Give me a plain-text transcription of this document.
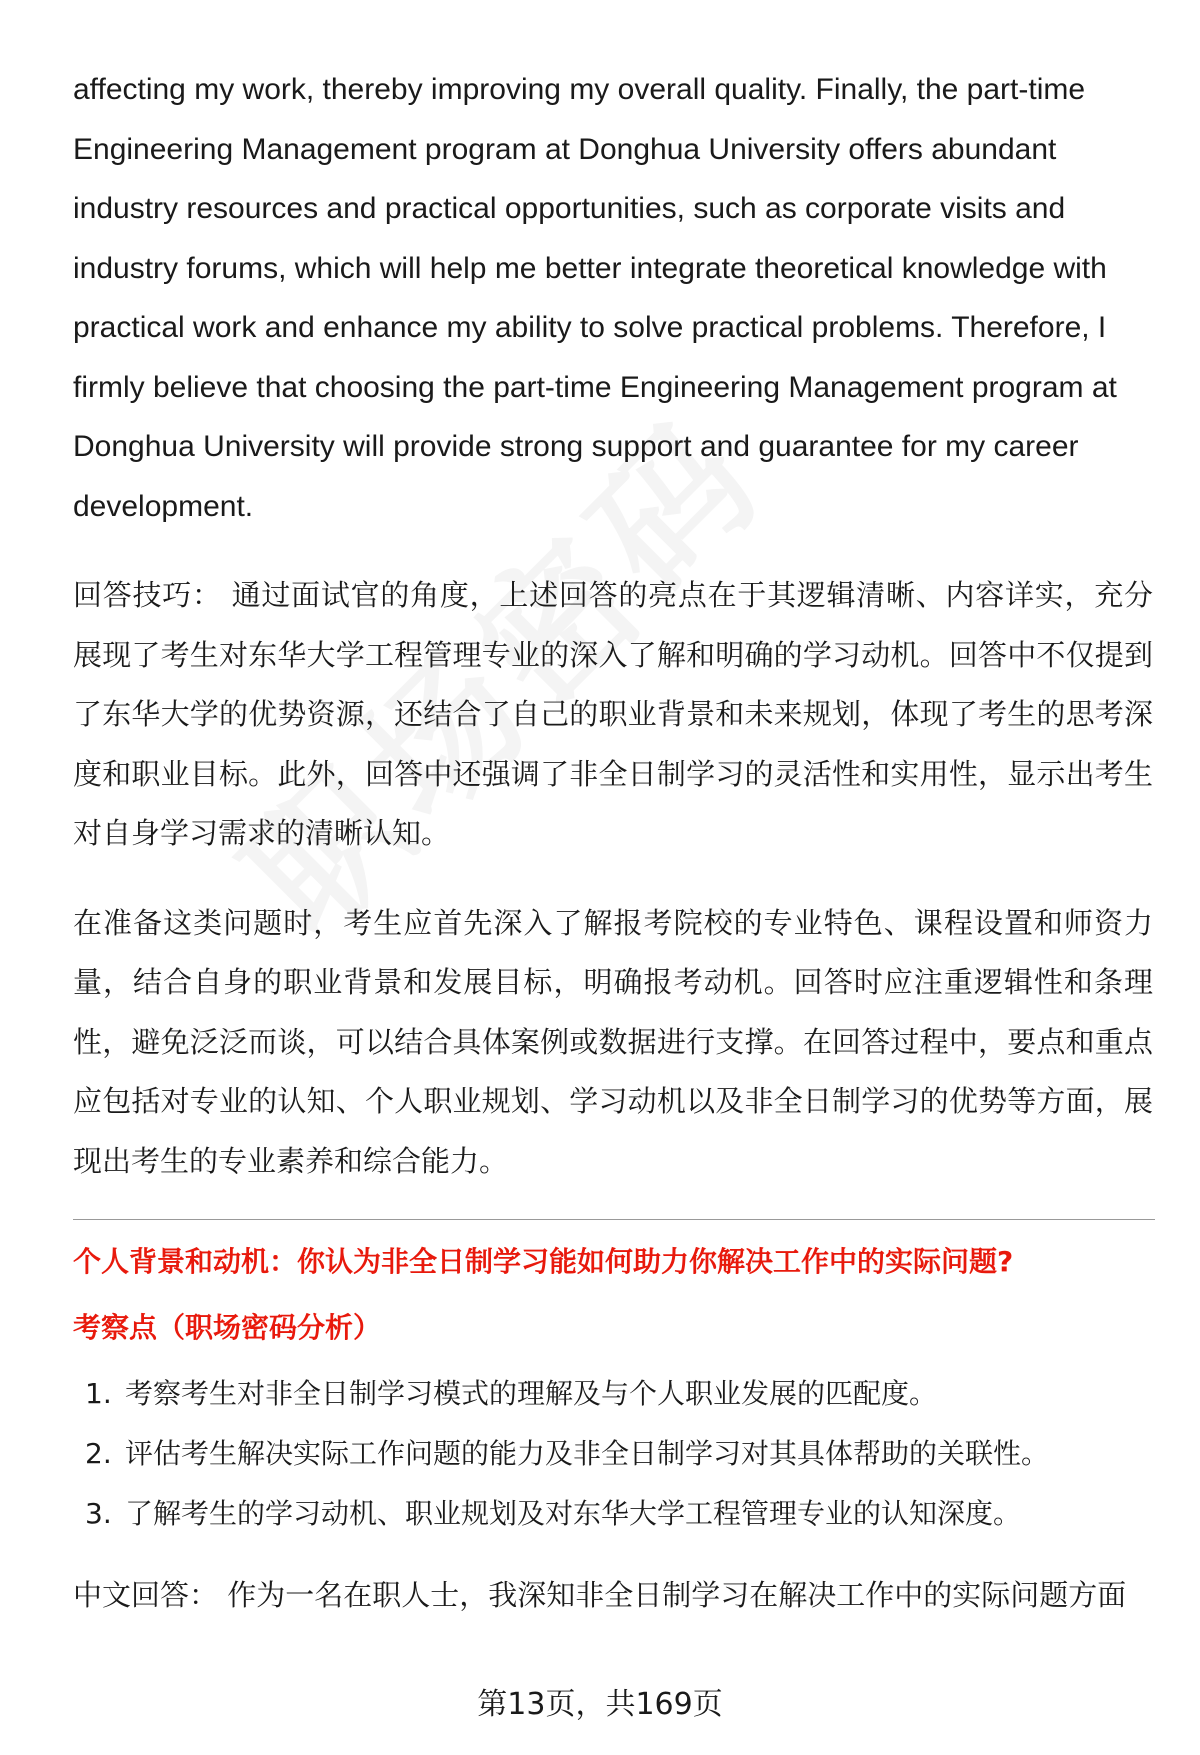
affecting my work, thereby improving my overall quality. Finally, the part-time Engineering Management program at Donghua University offers abundant industry resources and practical opportunities, such as corporate visits and industry forums, which will help me better integrate theoretical knowledge with practical work and enhance my ability to solve practical problems. Therefore, I firmly believe that choosing the part-time Engineering Management program at Donghua University will provide strong support and guarantee for my career development.

回答技巧： 通过面试官的角度，上述回答的亮点在于其逻辑清晰、内容详实，充分展现了考生对东华大学工程管理专业的深入了解和明确的学习动机。回答中不仅提到了东华大学的优势资源，还结合了自己的职业背景和未来规划，体现了考生的思考深度和职业目标。此外，回答中还强调了非全日制学习的灵活性和实用性，显示出考生对自身学习需求的清晰认知。

在准备这类问题时，考生应首先深入了解报考院校的专业特色、课程设置和师资力量，结合自身的职业背景和发展目标，明确报考动机。回答时应注重逻辑性和条理性，避免泛泛而谈，可以结合具体案例或数据进行支撑。在回答过程中，要点和重点应包括对专业的认知、个人职业规划、学习动机以及非全日制学习的优势等方面，展现出考生的专业素养和综合能力。

个人背景和动机：你认为非全日制学习能如何助力你解决工作中的实际问题?

考察点（职场密码分析）

1. 考察考生对非全日制学习模式的理解及与个人职业发展的匹配度。
2. 评估考生解决实际工作问题的能力及非全日制学习对其具体帮助的关联性。
3. 了解考生的学习动机、职业规划及对东华大学工程管理专业的认知深度。

中文回答： 作为一名在职人士，我深知非全日制学习在解决工作中的实际问题方面

第13页，共169页
